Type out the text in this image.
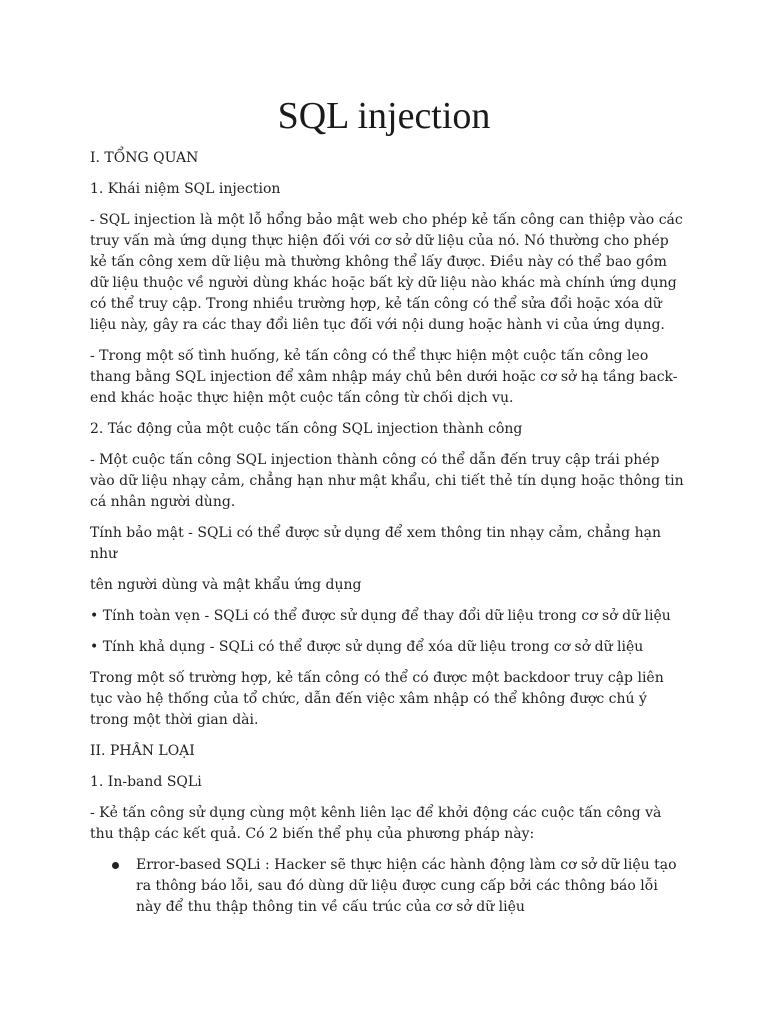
SQL injection
I. TỔNG QUAN
1. Khái niệm SQL injection

- SQL injection là một lỗ hổng bảo mật web cho phép kẻ tấn công can thiệp vào các truy vấn mà ứng dụng thực hiện đối với cơ sở dữ liệu của nó. Nó thường cho phép kẻ tấn công xem dữ liệu mà thường không thể lấy được. Điều này có thể bao gồm dữ liệu thuộc về người dùng khác hoặc bất kỳ dữ liệu nào khác mà chính ứng dụng có thể truy cập. Trong nhiều trường hợp, kẻ tấn công có thể sửa đổi hoặc xóa dữ liệu này, gây ra các thay đổi liên tục đối với nội dung hoặc hành vi của ứng dụng.

- Trong một số tình huống, kẻ tấn công có thể thực hiện một cuộc tấn công leo thang bằng SQL injection để xâm nhập máy chủ bên dưới hoặc cơ sở hạ tầng back-end khác hoặc thực hiện một cuộc tấn công từ chối dịch vụ.

2. Tác động của một cuộc tấn công SQL injection thành công

- Một cuộc tấn công SQL injection thành công có thể dẫn đến truy cập trái phép vào dữ liệu nhạy cảm, chẳng hạn như mật khẩu, chi tiết thẻ tín dụng hoặc thông tin cá nhân người dùng.

Tính bảo mật - SQLi có thể được sử dụng để xem thông tin nhạy cảm, chẳng hạn như

tên người dùng và mật khẩu ứng dụng

• Tính toàn vẹn - SQLi có thể được sử dụng để thay đổi dữ liệu trong cơ sở dữ liệu

• Tính khả dụng - SQLi có thể được sử dụng để xóa dữ liệu trong cơ sở dữ liệu

Trong một số trường hợp, kẻ tấn công có thể có được một backdoor truy cập liên tục vào hệ thống của tổ chức, dẫn đến việc xâm nhập có thể không được chú ý trong một thời gian dài.

II. PHÂN LOẠI
1. In-band SQLi

- Kẻ tấn công sử dụng cùng một kênh liên lạc để khởi động các cuộc tấn công và thu thập các kết quả. Có 2 biến thể phụ của phương pháp này:

Error-based SQLi : Hacker sẽ thực hiện các hành động làm cơ sở dữ liệu tạo ra thông báo lỗi, sau đó dùng dữ liệu được cung cấp bởi các thông báo lỗi này để thu thập thông tin về cấu trúc của cơ sở dữ liệu
